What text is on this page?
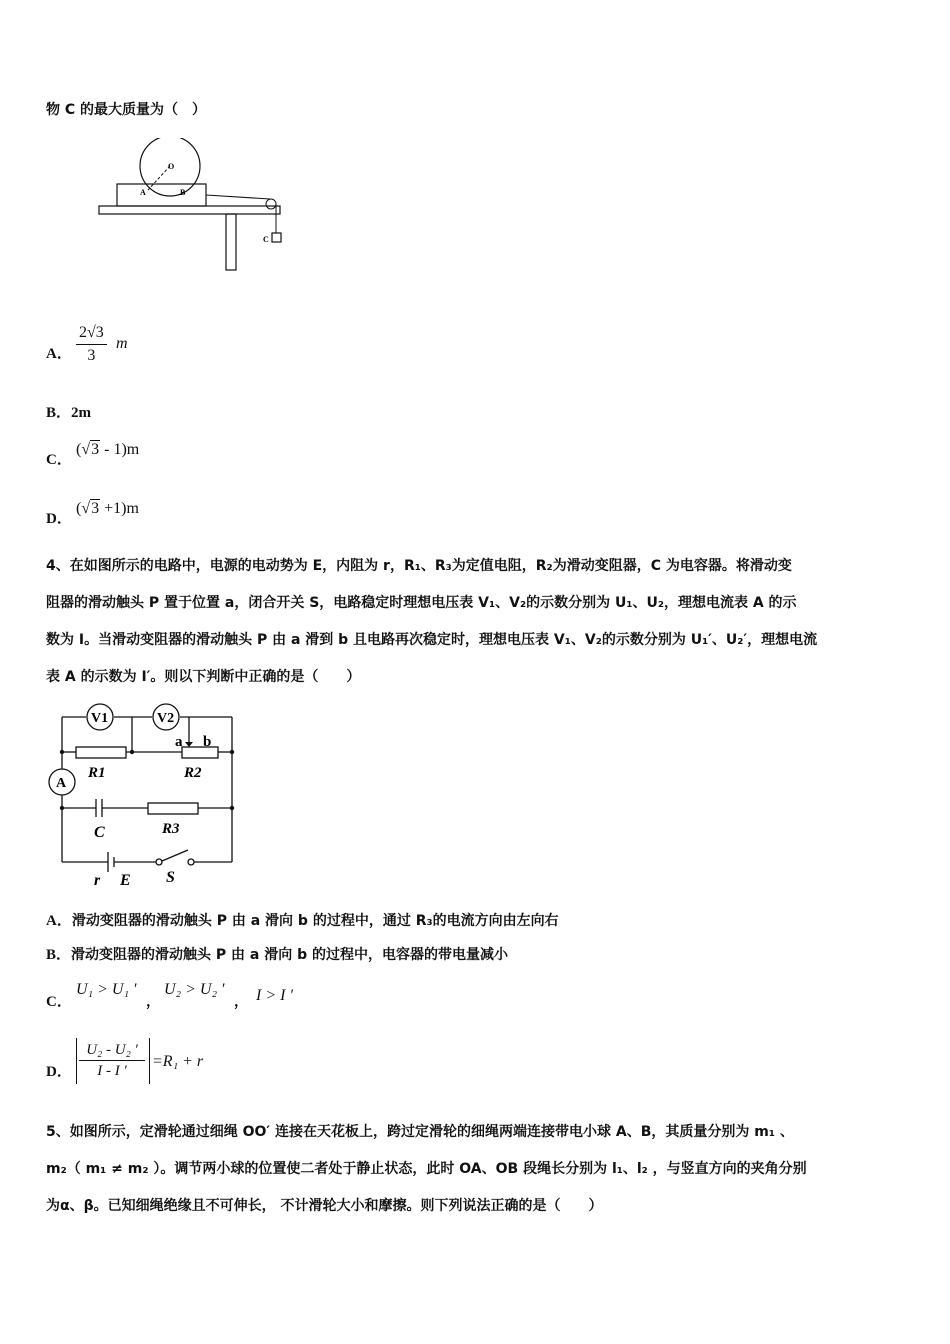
物 C 的最大质量为（　）
O
A	B
C
A． $\frac{2√3}{3}$ m
B．2m
C．
(√3 - 1)m
D．
(√3 +1)m

4、在如图所示的电路中，电源的电动势为 E，内阻为 r，R₁、R₃为定值电阻，R₂为滑动变阻器，C 为电容器。将滑动变

阻器的滑动触头 P 置于位置 a，闭合开关 S，电路稳定时理想电压表 V₁、V₂的示数分别为 U₁、U₂，理想电流表 A 的示

数为 I。当滑动变阻器的滑动触头 P 由 a 滑到 b 且电路再次稳定时，理想电压表 V₁、V₂的示数分别为 U₁′、U₂′，理想电流

表 A 的示数为 I′。则以下判断中正确的是（　　）

V1	V2
A
a b
R1	R2
C	R3
r E S
A．滑动变阻器的滑动触头 P 由 a 滑向 b 的过程中，通过 R₃的电流方向由左向右
B．滑动变阻器的滑动触头 P 由 a 滑向 b 的过程中，电容器的带电量减小
C．
U₁ > U₁ ′
，
U₂ > U₂ ′
， I > I ′
D． $\frac{\text{U₂ - U₂ ′}}{I - I '} =R_1 + r$

5、如图所示，定滑轮通过细绳 OO′ 连接在天花板上，跨过定滑轮的细绳两端连接带电小球 A、B，其质量分别为 m₁ 、

m₂（ m₁ ≠ m₂ ）。调节两小球的位置使二者处于静止状态，此时 OA、OB 段绳长分别为 l₁、l₂ ，与竖直方向的夹角分别

为α、β。已知细绳绝缘且不可伸长， 不计滑轮大小和摩擦。则下列说法正确的是（　　）
